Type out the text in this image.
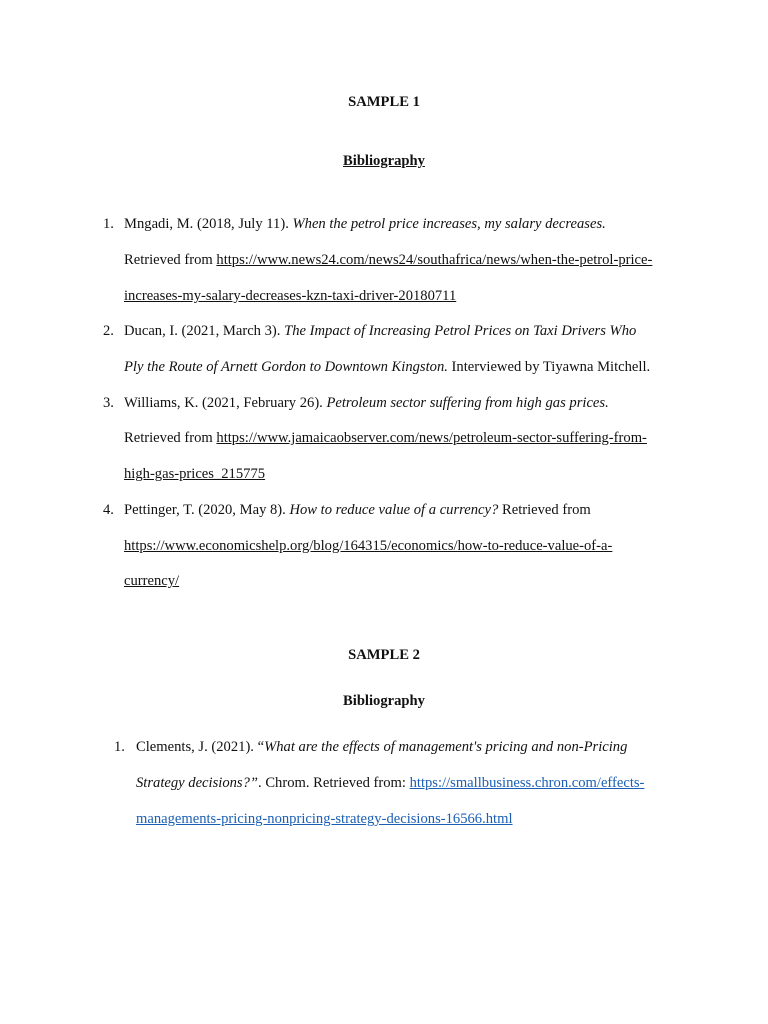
SAMPLE 1
Bibliography
1. Mngadi, M. (2018, July 11). When the petrol price increases, my salary decreases.
Retrieved from https://www.news24.com/news24/southafrica/news/when-the-petrol-price-
increases-my-salary-decreases-kzn-taxi-driver-20180711
2. Ducan, I. (2021, March 3). The Impact of Increasing Petrol Prices on Taxi Drivers Who
Ply the Route of Arnett Gordon to Downtown Kingston. Interviewed by Tiyawna Mitchell.
3. Williams, K. (2021, February 26). Petroleum sector suffering from high gas prices.
Retrieved from https://www.jamaicaobserver.com/news/petroleum-sector-suffering-from-
high-gas-prices_215775
4. Pettinger, T. (2020, May 8). How to reduce value of a currency? Retrieved from
https://www.economicshelp.org/blog/164315/economics/how-to-reduce-value-of-a-
currency/
SAMPLE 2
Bibliography
1. Clements, J. (2021). “What are the effects of management's pricing and non-Pricing
Strategy decisions?”. Chrom. Retrieved from: https://smallbusiness.chron.com/effects-
managements-pricing-nonpricing-strategy-decisions-16566.html
